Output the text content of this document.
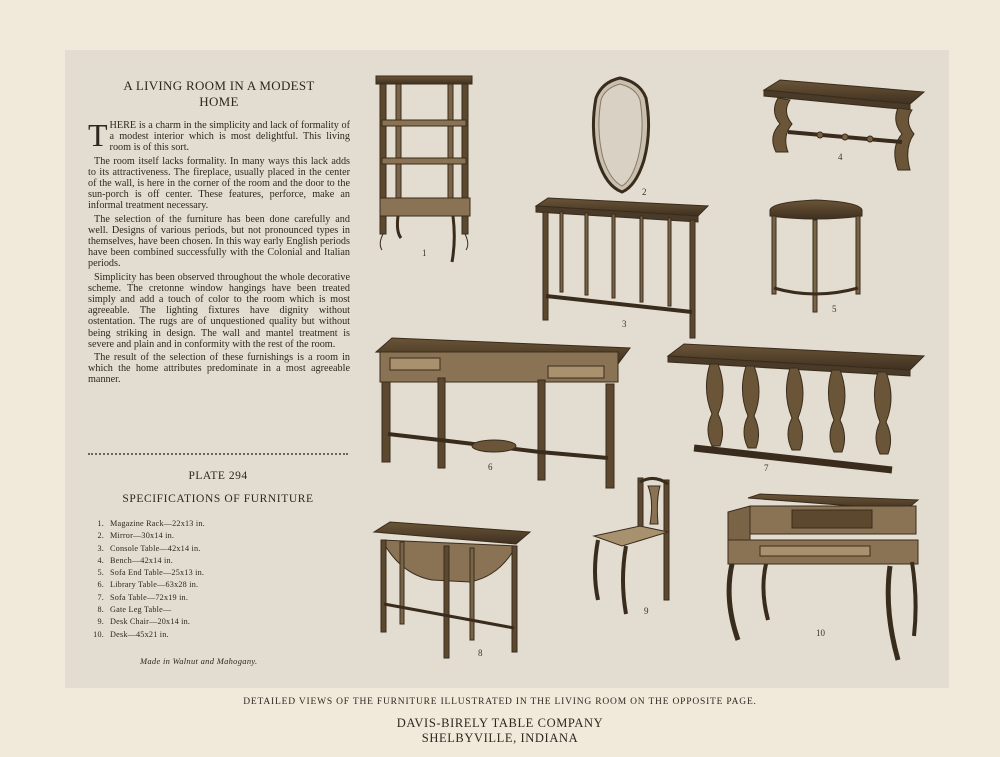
A LIVING ROOM IN A MODEST
HOME

THERE is a charm in the simplicity and lack of formality of a modest interior which is most delightful. This living room is of this sort.

The room itself lacks formality. In many ways this lack adds to its attractiveness. The fireplace, usually placed in the center of the wall, is here in the corner of the room and the door to the sun-porch is off center. These features, perforce, make an informal treatment necessary.

The selection of the furniture has been done carefully and well. Designs of various periods, but not pronounced types in themselves, have been chosen. In this way early English periods have been combined successfully with the Colonial and Italian periods.

Simplicity has been observed throughout the whole decorative scheme. The cretonne window hangings have been treated simply and add a touch of color to the room which is most agreeable. The lighting fixtures have dignity without ostentation. The rugs are of unquestioned quality but without being striking in design. The wall and mantel treatment is severe and plain and in conformity with the rest of the room.

The result of the selection of these furnishings is a room in which the home attributes predominate in a most agreeable manner.

PLATE 294
SPECIFICATIONS OF FURNITURE
1. Magazine Rack—22x13 in.
2. Mirror—30x14 in.
3. Console Table—42x14 in.
4. Bench—42x14 in.
5. Sofa End Table—25x13 in.
6. Library Table—63x28 in.
7. Sofa Table—72x19 in.
8. Gate Leg Table—
9. Desk Chair—20x14 in.
10. Desk—45x21 in.
Made in Walnut and Mahogany.
1
2
3
4
5
6	7
8
9
10
DETAILED VIEWS OF THE FURNITURE ILLUSTRATED IN THE LIVING ROOM ON THE OPPOSITE PAGE.
DAVIS-BIRELY TABLE COMPANY
SHELBYVILLE, INDIANA
